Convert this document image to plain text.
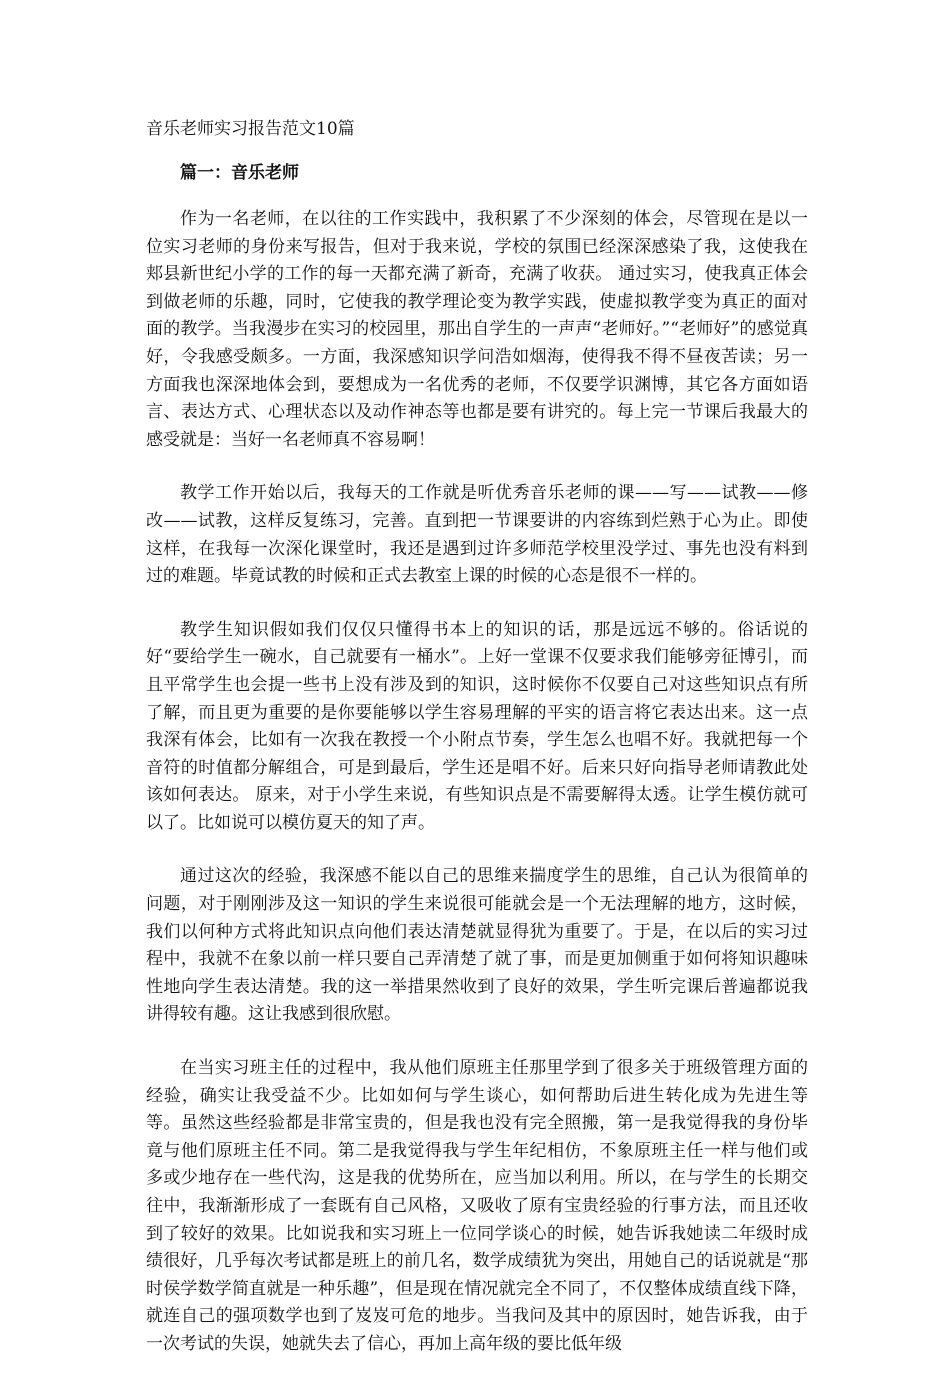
音乐老师实习报告范文10篇

篇一：音乐老师

作为一名老师，在以往的工作实践中，我积累了不少深刻的体会，尽管现在是以一位实习老师的身份来写报告，但对于我来说，学校的氛围已经深深感染了我，这使我在郏县新世纪小学的工作的每一天都充满了新奇，充满了收获。 通过实习，使我真正体会到做老师的乐趣，同时，它使我的教学理论变为教学实践，使虚拟教学变为真正的面对面的教学。当我漫步在实习的校园里，那出自学生的一声声“老师好。”“老师好”的感觉真好，令我感受颇多。一方面，我深感知识学问浩如烟海，使得我不得不昼夜苦读；另一方面我也深深地体会到，要想成为一名优秀的老师，不仅要学识渊博，其它各方面如语言、表达方式、心理状态以及动作神态等也都是要有讲究的。每上完一节课后我最大的感受就是：当好一名老师真不容易啊！

教学工作开始以后，我每天的工作就是听优秀音乐老师的课——写——试教——修改——试教，这样反复练习，完善。直到把一节课要讲的内容练到烂熟于心为止。即使这样，在我每一次深化课堂时，我还是遇到过许多师范学校里没学过、事先也没有料到过的难题。毕竟试教的时候和正式去教室上课的时候的心态是很不一样的。

教学生知识假如我们仅仅只懂得书本上的知识的话，那是远远不够的。俗话说的好“要给学生一碗水，自己就要有一桶水”。上好一堂课不仅要求我们能够旁征博引，而且平常学生也会提一些书上没有涉及到的知识，这时候你不仅要自己对这些知识点有所了解，而且更为重要的是你要能够以学生容易理解的平实的语言将它表达出来。这一点我深有体会，比如有一次我在教授一个小附点节奏，学生怎么也唱不好。我就把每一个音符的时值都分解组合，可是到最后，学生还是唱不好。后来只好向指导老师请教此处该如何表达。 原来，对于小学生来说，有些知识点是不需要解得太透。让学生模仿就可以了。比如说可以模仿夏天的知了声。

通过这次的经验，我深感不能以自己的思维来揣度学生的思维，自己认为很简单的问题，对于刚刚涉及这一知识的学生来说很可能就会是一个无法理解的地方，这时候，我们以何种方式将此知识点向他们表达清楚就显得犹为重要了。于是，在以后的实习过程中，我就不在象以前一样只要自己弄清楚了就了事，而是更加侧重于如何将知识趣味性地向学生表达清楚。我的这一举措果然收到了良好的效果，学生听完课后普遍都说我讲得较有趣。这让我感到很欣慰。

在当实习班主任的过程中，我从他们原班主任那里学到了很多关于班级管理方面的经验，确实让我受益不少。比如如何与学生谈心，如何帮助后进生转化成为先进生等等。虽然这些经验都是非常宝贵的，但是我也没有完全照搬，第一是我觉得我的身份毕竟与他们原班主任不同。第二是我觉得我与学生年纪相仿，不象原班主任一样与他们或多或少地存在一些代沟，这是我的优势所在，应当加以利用。所以，在与学生的长期交往中，我渐渐形成了一套既有自己风格，又吸收了原有宝贵经验的行事方法，而且还收到了较好的效果。比如说我和实习班上一位同学谈心的时候，她告诉我她读二年级时成绩很好，几乎每次考试都是班上的前几名，数学成绩犹为突出，用她自己的话说就是“那时侯学数学简直就是一种乐趣”，但是现在情况就完全不同了，不仅整体成绩直线下降，就连自己的强项数学也到了岌岌可危的地步。当我问及其中的原因时，她告诉我，由于一次考试的失误，她就失去了信心，再加上高年级的要比低年级
